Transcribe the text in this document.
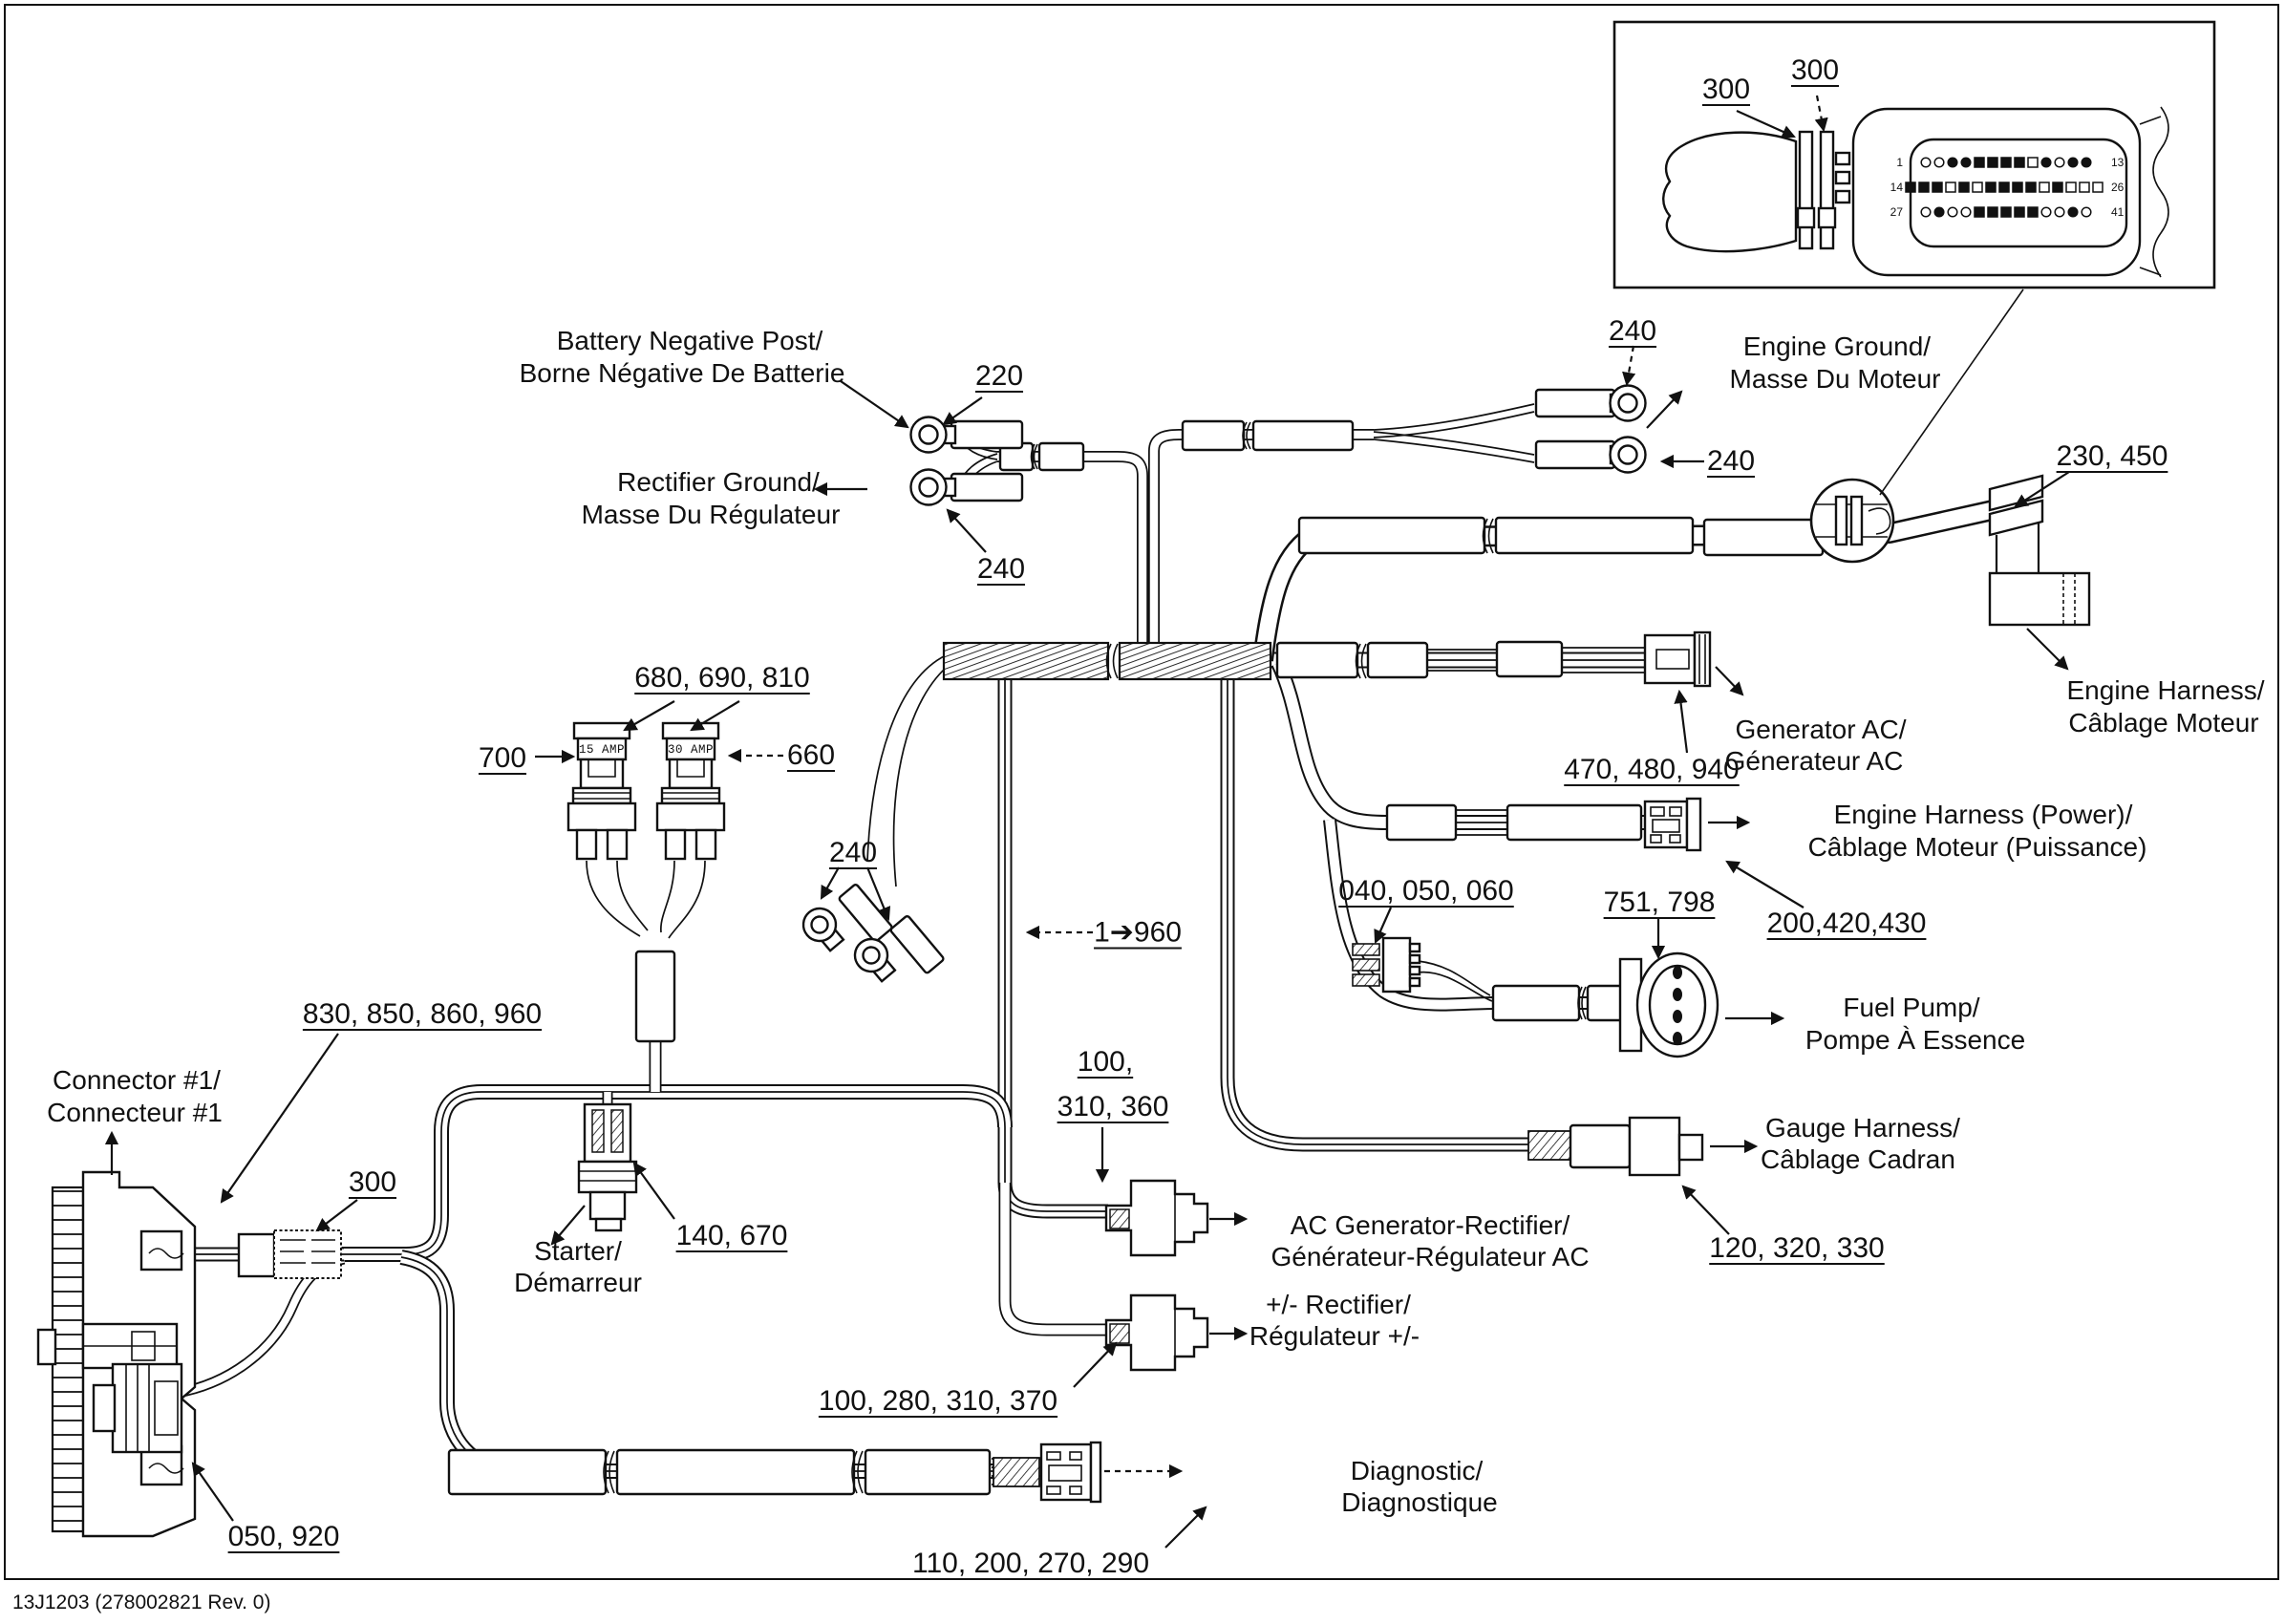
1	13
14	26
27	41
Battery Negative Post/
Borne Négative De Batterie
Rectifier Ground/
Masse Du Régulateur
Engine Ground/
Masse Du Moteur
Engine Harness/
Câblage Moteur
Generator AC/
Génerateur AC
Engine Harness (Power)/
Câblage Moteur (Puissance)
Fuel Pump/
Pompe À Essence
Gauge Harness/
Câblage Cadran
AC Generator-Rectifier/
Générateur-Régulateur AC
+/- Rectifier/
Régulateur +/-
Diagnostic/
Diagnostique
Connector #1/
Connecteur #1
Starter/
Démarreur
220
240
240
240
240
230, 450
680, 690, 810
700	660	470, 480, 940
200,420,430
040, 050, 060	751, 798
120, 320, 330
100,
310, 360
100, 280, 310, 370
110, 200, 270, 290
830, 850, 860, 960
300
050, 920
140, 670
1➔960
300
300
15 AMP	30 AMP
13J1203 (278002821 Rev. 0)
